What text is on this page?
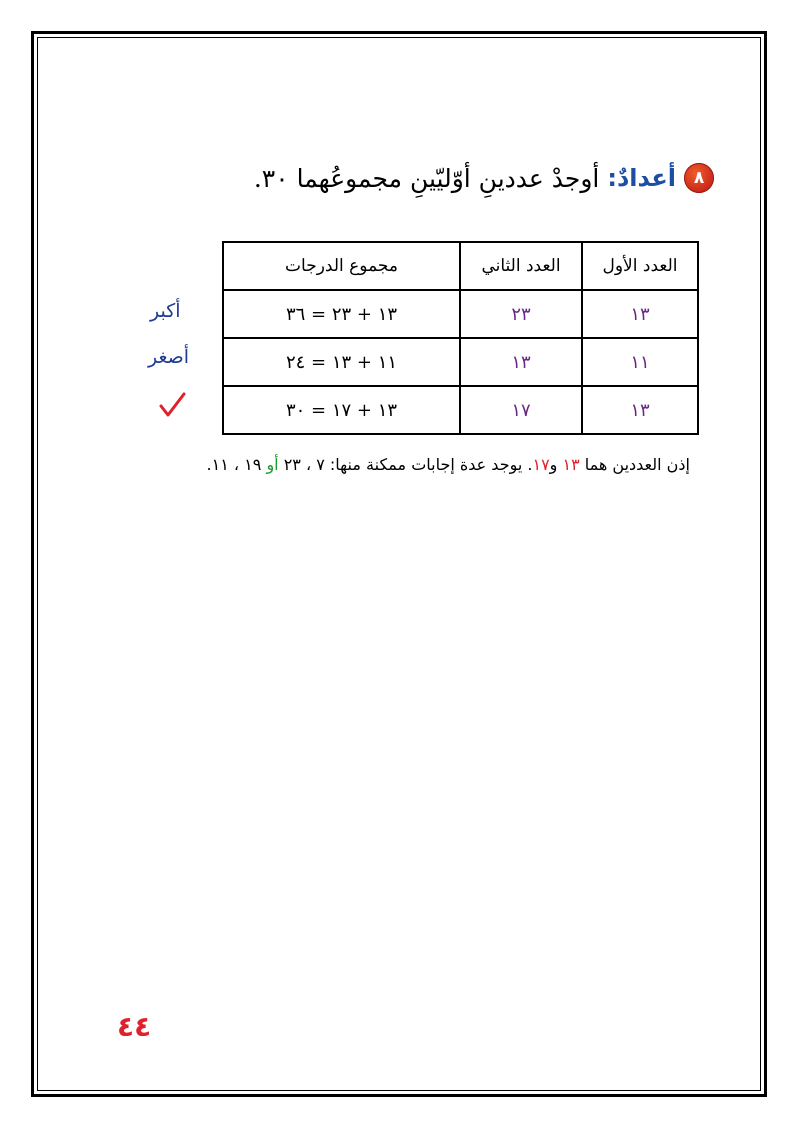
٨
أعدادٌ:
أوجدْ عددينِ أوّليّينِ مجموعُهما ٣٠.
العدد الأول	العدد الثاني	مجموع الدرجات
١٣	٢٣	١٣ + ٢٣ = ٣٦
١١	١٣	١١ + ١٣ = ٢٤
١٣	١٧	١٣ + ١٧ = ٣٠
أكبر
أصغر
إذن العددين هما ١٣ و١٧. يوجد عدة إجابات ممكنة منها: ٧ ، ٢٣ أو ١٩ ، ١١.
٤٤
